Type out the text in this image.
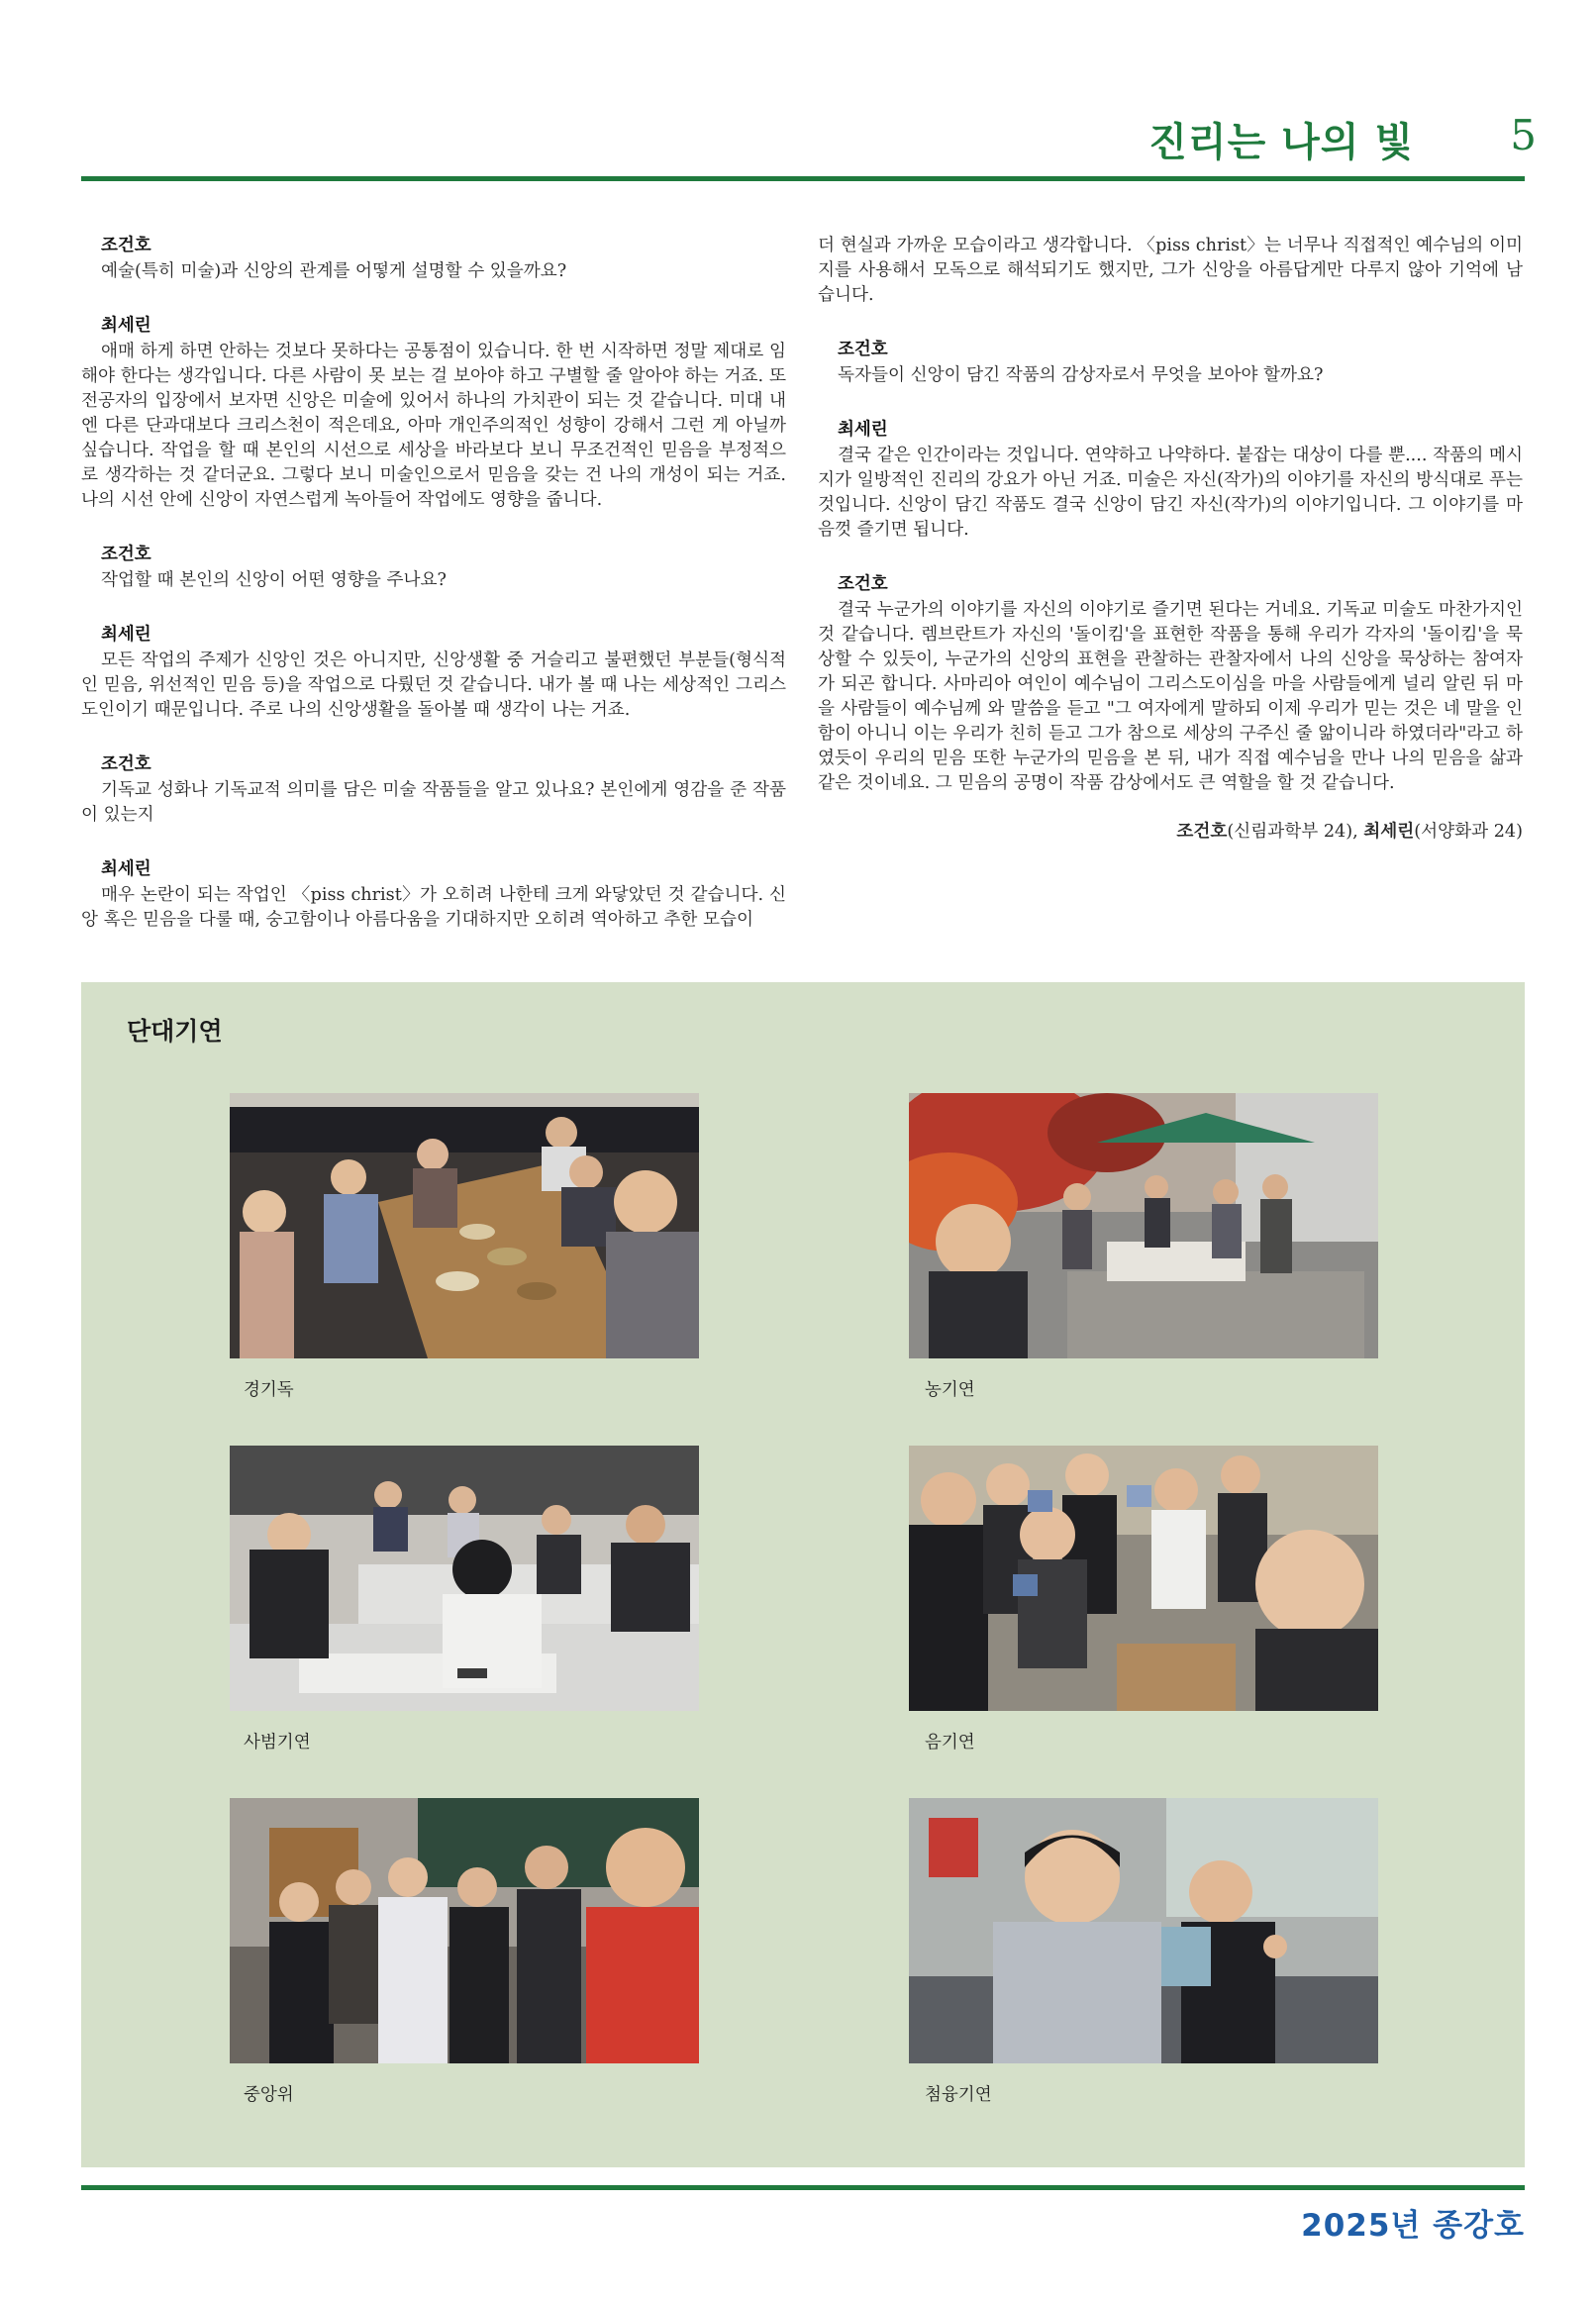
진리는 나의 빛 5
조건호

예술(특히 미술)과 신앙의 관계를 어떻게 설명할 수 있을까요?

최세린

애매 하게 하면 안하는 것보다 못하다는 공통점이 있습니다. 한 번 시작하면 정말 제대로 임해야 한다는 생각입니다. 다른 사람이 못 보는 걸 보아야 하고 구별할 줄 알아야 하는 거죠. 또 전공자의 입장에서 보자면 신앙은 미술에 있어서 하나의 가치관이 되는 것 같습니다. 미대 내엔 다른 단과대보다 크리스천이 적은데요, 아마 개인주의적인 성향이 강해서 그런 게 아닐까 싶습니다. 작업을 할 때 본인의 시선으로 세상을 바라보다 보니 무조건적인 믿음을 부정적으로 생각하는 것 같더군요. 그렇다 보니 미술인으로서 믿음을 갖는 건 나의 개성이 되는 거죠. 나의 시선 안에 신앙이 자연스럽게 녹아들어 작업에도 영향을 줍니다.

조건호

작업할 때 본인의 신앙이 어떤 영향을 주나요?

최세린

모든 작업의 주제가 신앙인 것은 아니지만, 신앙생활 중 거슬리고 불편했던 부분들(형식적인 믿음, 위선적인 믿음 등)을 작업으로 다뤘던 것 같습니다. 내가 볼 때 나는 세상적인 그리스도인이기 때문입니다. 주로 나의 신앙생활을 돌아볼 때 생각이 나는 거죠.

조건호

기독교 성화나 기독교적 의미를 담은 미술 작품들을 알고 있나요? 본인에게 영감을 준 작품이 있는지

최세린

매우 논란이 되는 작업인 〈piss christ〉가 오히려 나한테 크게 와닿았던 것 같습니다. 신앙 혹은 믿음을 다룰 때, 숭고함이나 아름다움을 기대하지만 오히려 역아하고 추한 모습이

더 현실과 가까운 모습이라고 생각합니다. 〈piss christ〉는 너무나 직접적인 예수님의 이미지를 사용해서 모독으로 해석되기도 했지만, 그가 신앙을 아름답게만 다루지 않아 기억에 남습니다.

조건호

독자들이 신앙이 담긴 작품의 감상자로서 무엇을 보아야 할까요?

최세린

결국 같은 인간이라는 것입니다. 연약하고 나약하다. 붙잡는 대상이 다를 뿐.... 작품의 메시지가 일방적인 진리의 강요가 아닌 거죠. 미술은 자신(작가)의 이야기를 자신의 방식대로 푸는 것입니다. 신앙이 담긴 작품도 결국 신앙이 담긴 자신(작가)의 이야기입니다. 그 이야기를 마음껏 즐기면 됩니다.

조건호

결국 누군가의 이야기를 자신의 이야기로 즐기면 된다는 거네요. 기독교 미술도 마찬가지인 것 같습니다. 렘브란트가 자신의 '돌이킴'을 표현한 작품을 통해 우리가 각자의 '돌이킴'을 묵상할 수 있듯이, 누군가의 신앙의 표현을 관찰하는 관찰자에서 나의 신앙을 묵상하는 참여자가 되곤 합니다. 사마리아 여인이 예수님이 그리스도이심을 마을 사람들에게 널리 알린 뒤 마을 사람들이 예수님께 와 말씀을 듣고 "그 여자에게 말하되 이제 우리가 믿는 것은 네 말을 인함이 아니니 이는 우리가 친히 듣고 그가 참으로 세상의 구주신 줄 앎이니라 하였더라"라고 하였듯이 우리의 믿음 또한 누군가의 믿음을 본 뒤, 내가 직접 예수님을 만나 나의 믿음을 삶과 같은 것이네요. 그 믿음의 공명이 작품 감상에서도 큰 역할을 할 것 같습니다.

조건호(신림과학부 24), 최세린(서양화과 24)
단대기연
경기독	농기연
사범기연	음기연
중앙위	첨융기연
2025년 종강호
